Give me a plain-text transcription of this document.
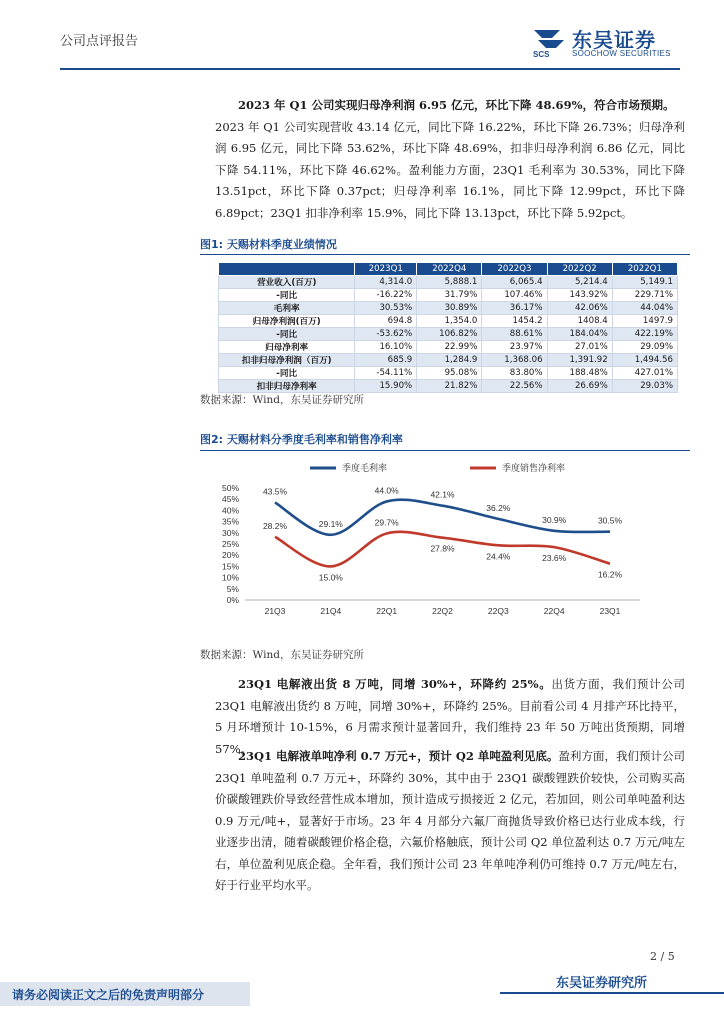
公司点评报告
SCS
东吴证券
SOOCHOW SECURITIES
2023 年 Q1 公司实现归母净利润 6.95 亿元，环比下降 48.69%，符合市场预期。
2023 年 Q1 公司实现营收 43.14 亿元，同比下降 16.22%，环比下降 26.73%；归母净利润 6.95 亿元，同比下降 53.62%，环比下降 48.69%，扣非归母净利润 6.86 亿元，同比下降 54.11%，环比下降 46.62%。盈利能力方面，23Q1 毛利率为 30.53%，同比下降 13.51pct，环比下降 0.37pct；归母净利率 16.1%，同比下降 12.99pct，环比下降 6.89pct；23Q1 扣非净利率 15.9%，同比下降 13.13pct，环比下降 5.92pct。
图1: 天赐材料季度业绩情况
	2023Q1	2022Q4	2022Q3	2022Q2	2022Q1
营业收入(百万)	4,314.0	5,888.1	6,065.4	5,214.4	5,149.1
-同比	-16.22%	31.79%	107.46%	143.92%	229.71%
毛利率	30.53%	30.89%	36.17%	42.06%	44.04%
归母净利润(百万)	694.8	1,354.0	1454.2	1408.4	1497.9
-同比	-53.62%	106.82%	88.61%	184.04%	422.19%
归母净利率	16.10%	22.99%	23.97%	27.01%	29.09%
扣非归母净利润（百万)	685.9	1,284.9	1,368.06	1,391.92	1,494.56
-同比	-54.11%	95.08%	83.80%	188.48%	427.01%
扣非归母净利率	15.90%	21.82%	22.56%	26.69%	29.03%
数据来源：Wind，东吴证券研究所
图2: 天赐材料分季度毛利率和销售净利率
0%
5%
10%
15%
20%
25%
30%
35%
40%
45%
50%
21Q3	21Q4	22Q1	22Q2	22Q3	22Q4	23Q1
季度毛利率	季度销售净利率
43.5%
29.1%
44.0%	42.1%
36.2%
30.9%	30.5%
28.2%
15.0%
29.7%
27.8%
24.4%	23.6%
16.2%
数据来源：Wind，东吴证券研究所
23Q1 电解液出货 8 万吨，同增 30%+，环降约 25%。出货方面，我们预计公司 23Q1 电解液出货约 8 万吨，同增 30%+，环降约 25%。目前看公司 4 月排产环比持平，5 月环增预计 10-15%，6 月需求预计显著回升，我们维持 23 年 50 万吨出货预期，同增 57%。
23Q1 电解液单吨净利 0.7 万元+，预计 Q2 单吨盈利见底。盈利方面，我们预计公司 23Q1 单吨盈利 0.7 万元+，环降约 30%，其中由于 23Q1 碳酸锂跌价较快，公司购买高价碳酸锂跌价导致经营性成本增加，预计造成亏损接近 2 亿元，若加回，则公司单吨盈利达 0.9 万元/吨+，显著好于市场。23 年 4 月部分六氟厂商抛货导致价格已达行业成本线，行业逐步出清，随着碳酸锂价格企稳，六氟价格触底，预计公司 Q2 单位盈利达 0.7 万元/吨左右，单位盈利见底企稳。全年看，我们预计公司 23 年单吨净利仍可维持 0.7 万元/吨左右，好于行业平均水平。
2 / 5
请务必阅读正文之后的免责声明部分
东吴证券研究所
